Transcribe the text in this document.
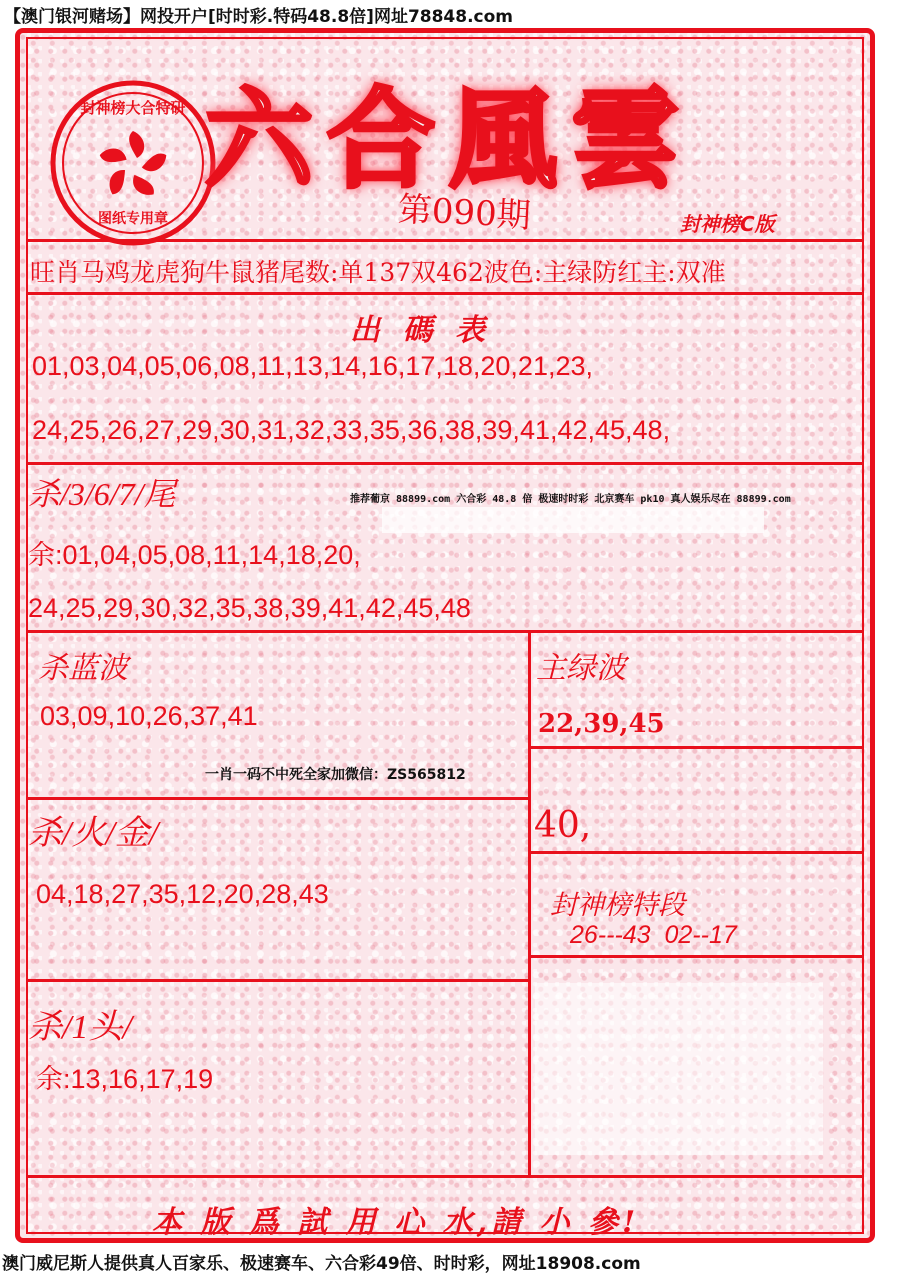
【澳门银河赌场】网投开户[时时彩.特码48.8倍]网址78848.com
图纸专用章
封神榜大合特研 六合風雲
第090期	封神榜C版
旺肖马鸡龙虎狗牛鼠猪尾数:单137双462波色:主绿防红主:双准
出 碼 表
01,03,04,05,06,08,11,13,14,16,17,18,20,21,23,
24,25,26,27,29,30,31,32,33,35,36,38,39,41,42,45,48,
杀/3/6/7/尾	推荐葡京 88899.com 六合彩 48.8 倍 极速时时彩 北京赛车 pk10 真人娱乐尽在 88899.com
余:01,04,05,08,11,14,18,20,
24,25,29,30,32,35,38,39,41,42,45,48
杀蓝波
03,09,10,26,37,41
一肖一码不中死全家加微信：ZS565812
杀/火/金/
04,18,27,35,12,20,28,43
杀/1头/
余:13,16,17,19
主绿波
22,39,45
40,
封神榜特段
26---43  02--17
本 版 爲 試 用 心 水,請 小 參!
澳门威尼斯人提供真人百家乐、极速赛车、六合彩49倍、时时彩，网址18908.com
